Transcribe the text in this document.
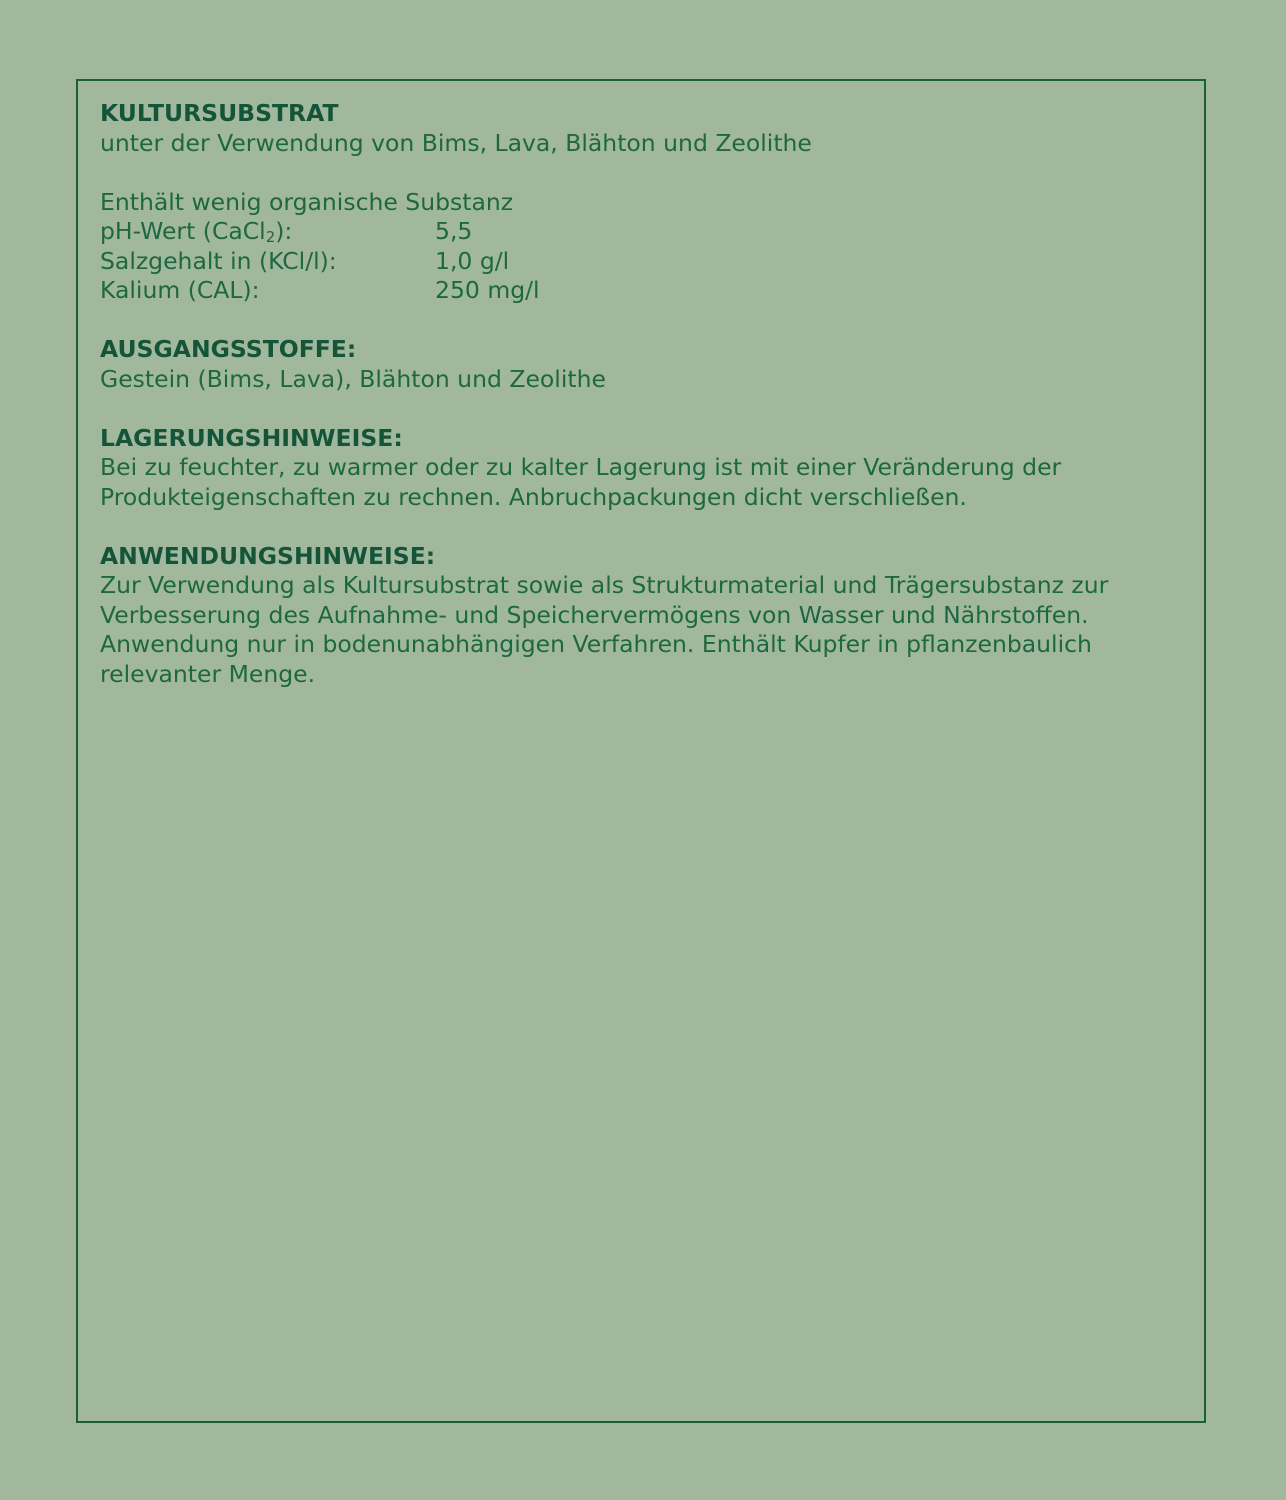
KULTURSUBSTRAT

unter der Verwendung von Bims, Lava, Blähton und Zeolithe

Enthält wenig organische Substanz

pH-Wert (CaCl$_2$):	5,5
Salzgehalt in (KCl/l):	1,0 g/l
Kalium (CAL):	250 mg/l

AUSGANGSSTOFFE:

Gestein (Bims, Lava), Blähton und Zeolithe

LAGERUNGSHINWEISE:

Bei zu feuchter, zu warmer oder zu kalter Lagerung ist mit einer Veränderung der

Produkteigenschaften zu rechnen. Anbruchpackungen dicht verschließen.

ANWENDUNGSHINWEISE:

Zur Verwendung als Kultursubstrat sowie als Strukturmaterial und Trägersubstanz zur

Verbesserung des Aufnahme- und Speichervermögens von Wasser und Nährstoffen.

Anwendung nur in bodenunabhängigen Verfahren. Enthält Kupfer in pflanzenbaulich

relevanter Menge.
